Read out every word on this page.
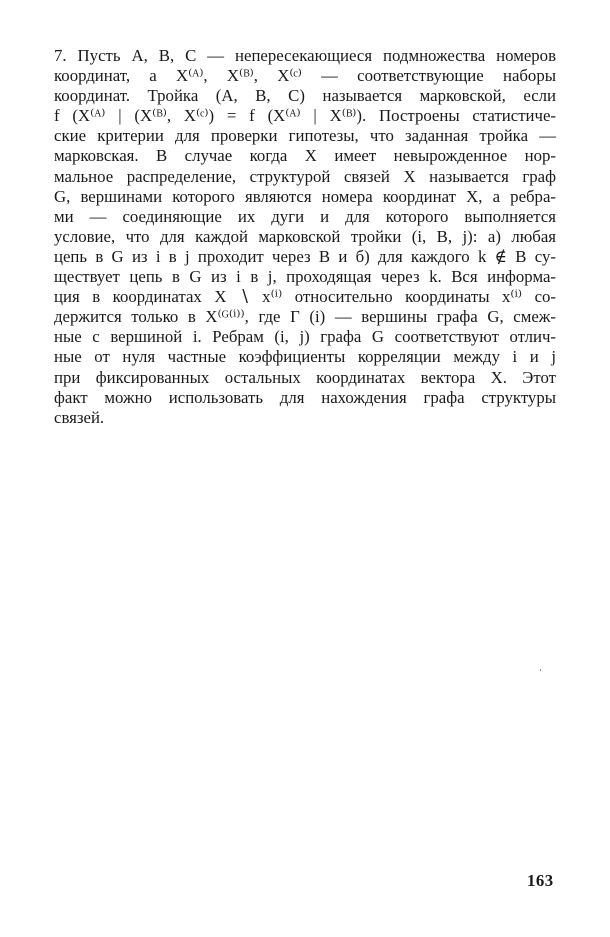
7. Пусть A, B, C — непересекающиеся подмножества номеров
координат, а X⁽ᴬ⁾, X⁽ᴮ⁾, X⁽ᶜ⁾ — соответствующие наборы
координат. Тройка (A, B, C) называется марковской, если
f (X⁽ᴬ⁾ | (X⁽ᴮ⁾, X⁽ᶜ⁾) = f (X⁽ᴬ⁾ | X⁽ᴮ⁾). Построены статистиче-
ские критерии для проверки гипотезы, что заданная тройка —
марковская. В случае когда X имеет невырожденное нор-
мальное распределение, структурой связей X называется граф
G, вершинами которого являются номера координат X, а ребра-
ми — соединяющие их дуги и для которого выполняется
условие, что для каждой марковской тройки (i, B, j): а) любая
цепь в G из i в j проходит через B и б) для каждого k ∉ B су-
ществует цепь в G из i в j, проходящая через k. Вся информа-
ция в координатах X ∖ x⁽ⁱ⁾ относительно координаты x⁽ⁱ⁾ со-
держится только в X⁽ᴳ⁽ⁱ⁾⁾, где Γ (i) — вершины графа G, смеж-
ные с вершиной i. Ребрам (i, j) графа G соответствуют отлич-
ные от нуля частные коэффициенты корреляции между i и j
при фиксированных остальных координатах вектора X. Этот
факт можно использовать для нахождения графа структуры
связей.
163
